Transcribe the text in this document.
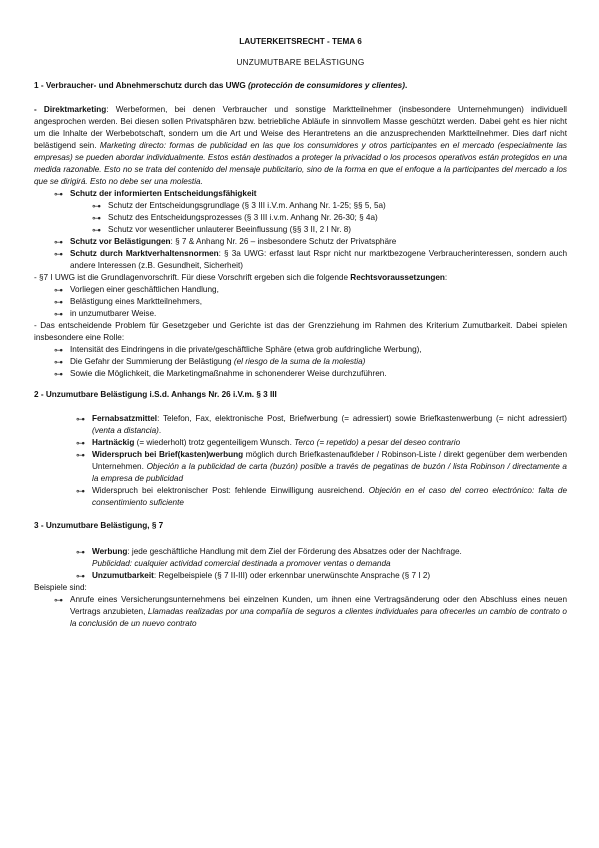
LAUTERKEITSRECHT - TEMA 6

UNZUMUTBARE BELÄSTIGUNG

1 - Verbraucher- und Abnehmerschutz durch das UWG (protección de consumidores y clientes).

- Direktmarketing: Werbeformen, bei denen Verbraucher und sonstige Marktteilnehmer (insbesondere Unternehmungen) individuell angesprochen werden. Bei diesen sollen Privatsphären bzw. betriebliche Abläufe in sinnvollem Masse geschützt werden. Dabei geht es hier nicht um die Inhalte der Werbebotschaft, sondern um die Art und Weise des Herantretens an die anzusprechenden Marktteilnehmer. Dies darf nicht belästigend sein. Marketing directo: formas de publicidad en las que los consumidores y otros participantes en el mercado (especialmente las empresas) se pueden abordar individualmente. Estos están destinados a proteger la privacidad o los procesos operativos están protegidos en una medida razonable. Esto no se trata del contenido del mensaje publicitario, sino de la forma en que el enfoque a la participantes del mercado a los que se dirigirá. Esto no debe ser una molestia.

⊶ Schutz der informierten Entscheidungsfähigkeit
⊶ Schutz der Entscheidungsgrundlage (§ 3 III i.V.m. Anhang Nr. 1-25; §§ 5, 5a)
⊶ Schutz des Entscheidungsprozesses (§ 3 III i.v.m. Anhang Nr. 26-30; § 4a)
⊶ Schutz vor wesentlicher unlauterer Beeinflussung (§§ 3 II, 2 I Nr. 8)
⊶ Schutz vor Belästigungen: § 7 & Anhang Nr. 26 – insbesondere Schutz der Privatsphäre
⊶ Schutz durch Marktverhaltensnormen: § 3a UWG: erfasst laut Rspr nicht nur marktbezogene Verbraucherinteressen, sondern auch andere Interessen (z.B. Gesundheit, Sicherheit)

- §7 I UWG ist die Grundlagenvorschrift. Für diese Vorschrift ergeben sich die folgende Rechtsvoraussetzungen:

⊶ Vorliegen einer geschäftlichen Handlung,
⊶ Belästigung eines Marktteilnehmers,
⊶ in unzumutbarer Weise.

- Das entscheidende Problem für Gesetzgeber und Gerichte ist das der Grenzziehung im Rahmen des Kriterium Zumutbarkeit. Dabei spielen insbesondere eine Rolle:

⊶ Intensität des Eindringens in die private/geschäftliche Sphäre (etwa grob aufdringliche Werbung),
⊶ Die Gefahr der Summierung der Belästigung (el riesgo de la suma de la molestia)
⊶ Sowie die Möglichkeit, die Marketingmaßnahme in schonenderer Weise durchzuführen.
2 - Unzumutbare Belästigung i.S.d. Anhangs Nr. 26 i.V.m. § 3 III
⊶ Fernabsatzmittel: Telefon, Fax, elektronische Post, Briefwerbung (= adressiert) sowie Briefkastenwerbung (= nicht adressiert) (venta a distancia).
⊶ Hartnäckig (= wiederholt) trotz gegenteiligem Wunsch. Terco (= repetido) a pesar del deseo contrario
⊶ Widerspruch bei Brief(kasten)werbung möglich durch Briefkastenaufkleber / Robinson-Liste / direkt gegenüber dem werbenden Unternehmen. Objeción a la publicidad de carta (buzón) posible a través de pegatinas de buzón / lista Robinson / directamente a la empresa de publicidad
⊶ Widerspruch bei elektronischer Post: fehlende Einwilligung ausreichend. Objeción en el caso del correo electrónico: falta de consentimiento suficiente
3 - Unzumutbare Belästigung, § 7
⊶ Werbung: jede geschäftliche Handlung mit dem Ziel der Förderung des Absatzes oder der Nachfrage.
Publicidad: cualquier actividad comercial destinada a promover ventas o demanda
⊶ Unzumutbarkeit: Regelbeispiele (§ 7 II-III) oder erkennbar unerwünschte Ansprache (§ 7 I 2)

Beispiele sind:

⊶ Anrufe eines Versicherungsunternehmens bei einzelnen Kunden, um ihnen eine Vertragsänderung oder den Abschluss eines neuen Vertrags anzubieten, Llamadas realizadas por una compañía de seguros a clientes individuales para ofrecerles un cambio de contrato o la conclusión de un nuevo contrato
